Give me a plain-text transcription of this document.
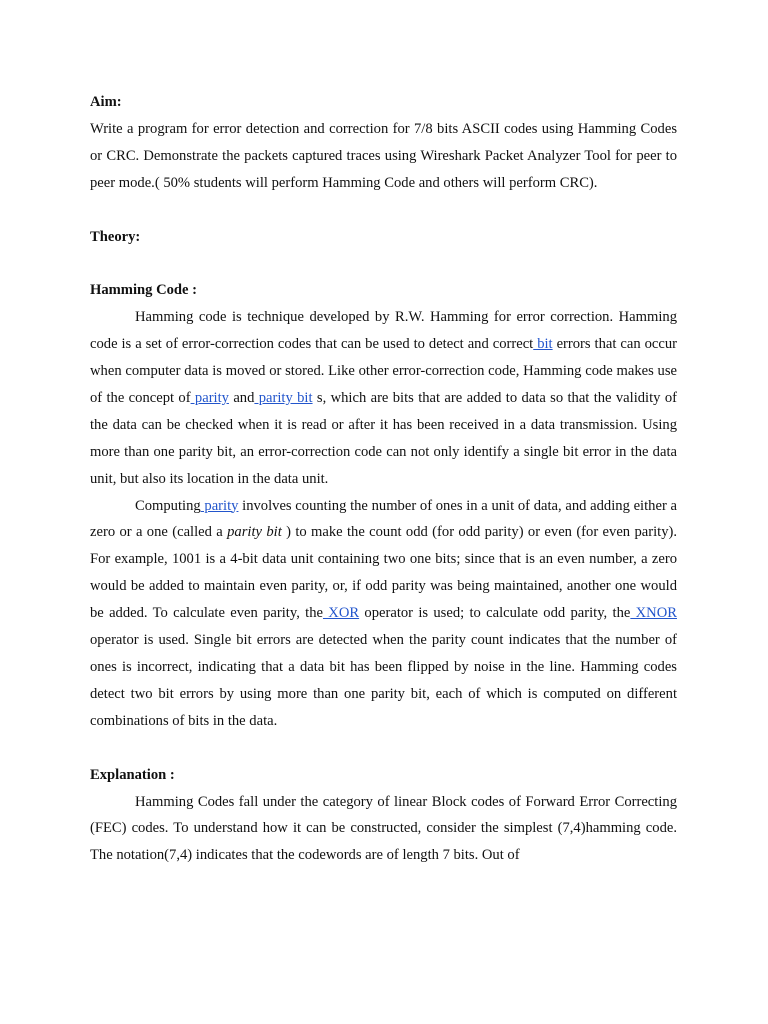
Aim:

Write a program for error detection and correction for 7/8 bits ASCII codes using Hamming Codes or CRC. Demonstrate the packets captured traces using Wireshark Packet Analyzer Tool for peer to peer mode.( 50% students will perform Hamming Code and others will perform CRC).

Theory:
Hamming Code :

Hamming code is technique developed by R.W. Hamming for error correction. Hamming code is a set of error-correction codes that can be used to detect and correct bit errors that can occur when computer data is moved or stored. Like other error-correction code, Hamming code makes use of the concept of parity and parity bit s, which are bits that are added to data so that the validity of the data can be checked when it is read or after it has been received in a data transmission. Using more than one parity bit, an error-correction code can not only identify a single bit error in the data unit, but also its location in the data unit.

Computing parity involves counting the number of ones in a unit of data, and adding either a zero or a one (called a parity bit ) to make the count odd (for odd parity) or even (for even parity). For example, 1001 is a 4-bit data unit containing two one bits; since that is an even number, a zero would be added to maintain even parity, or, if odd parity was being maintained, another one would be added. To calculate even parity, the XOR operator is used; to calculate odd parity, the XNOR operator is used. Single bit errors are detected when the parity count indicates that the number of ones is incorrect, indicating that a data bit has been flipped by noise in the line. Hamming codes detect two bit errors by using more than one parity bit, each of which is computed on different combinations of bits in the data.

Explanation :

Hamming Codes fall under the category of linear Block codes of Forward Error Correcting (FEC) codes. To understand how it can be constructed, consider the simplest (7,4)hamming code. The notation(7,4) indicates that the codewords are of length 7 bits. Out of
